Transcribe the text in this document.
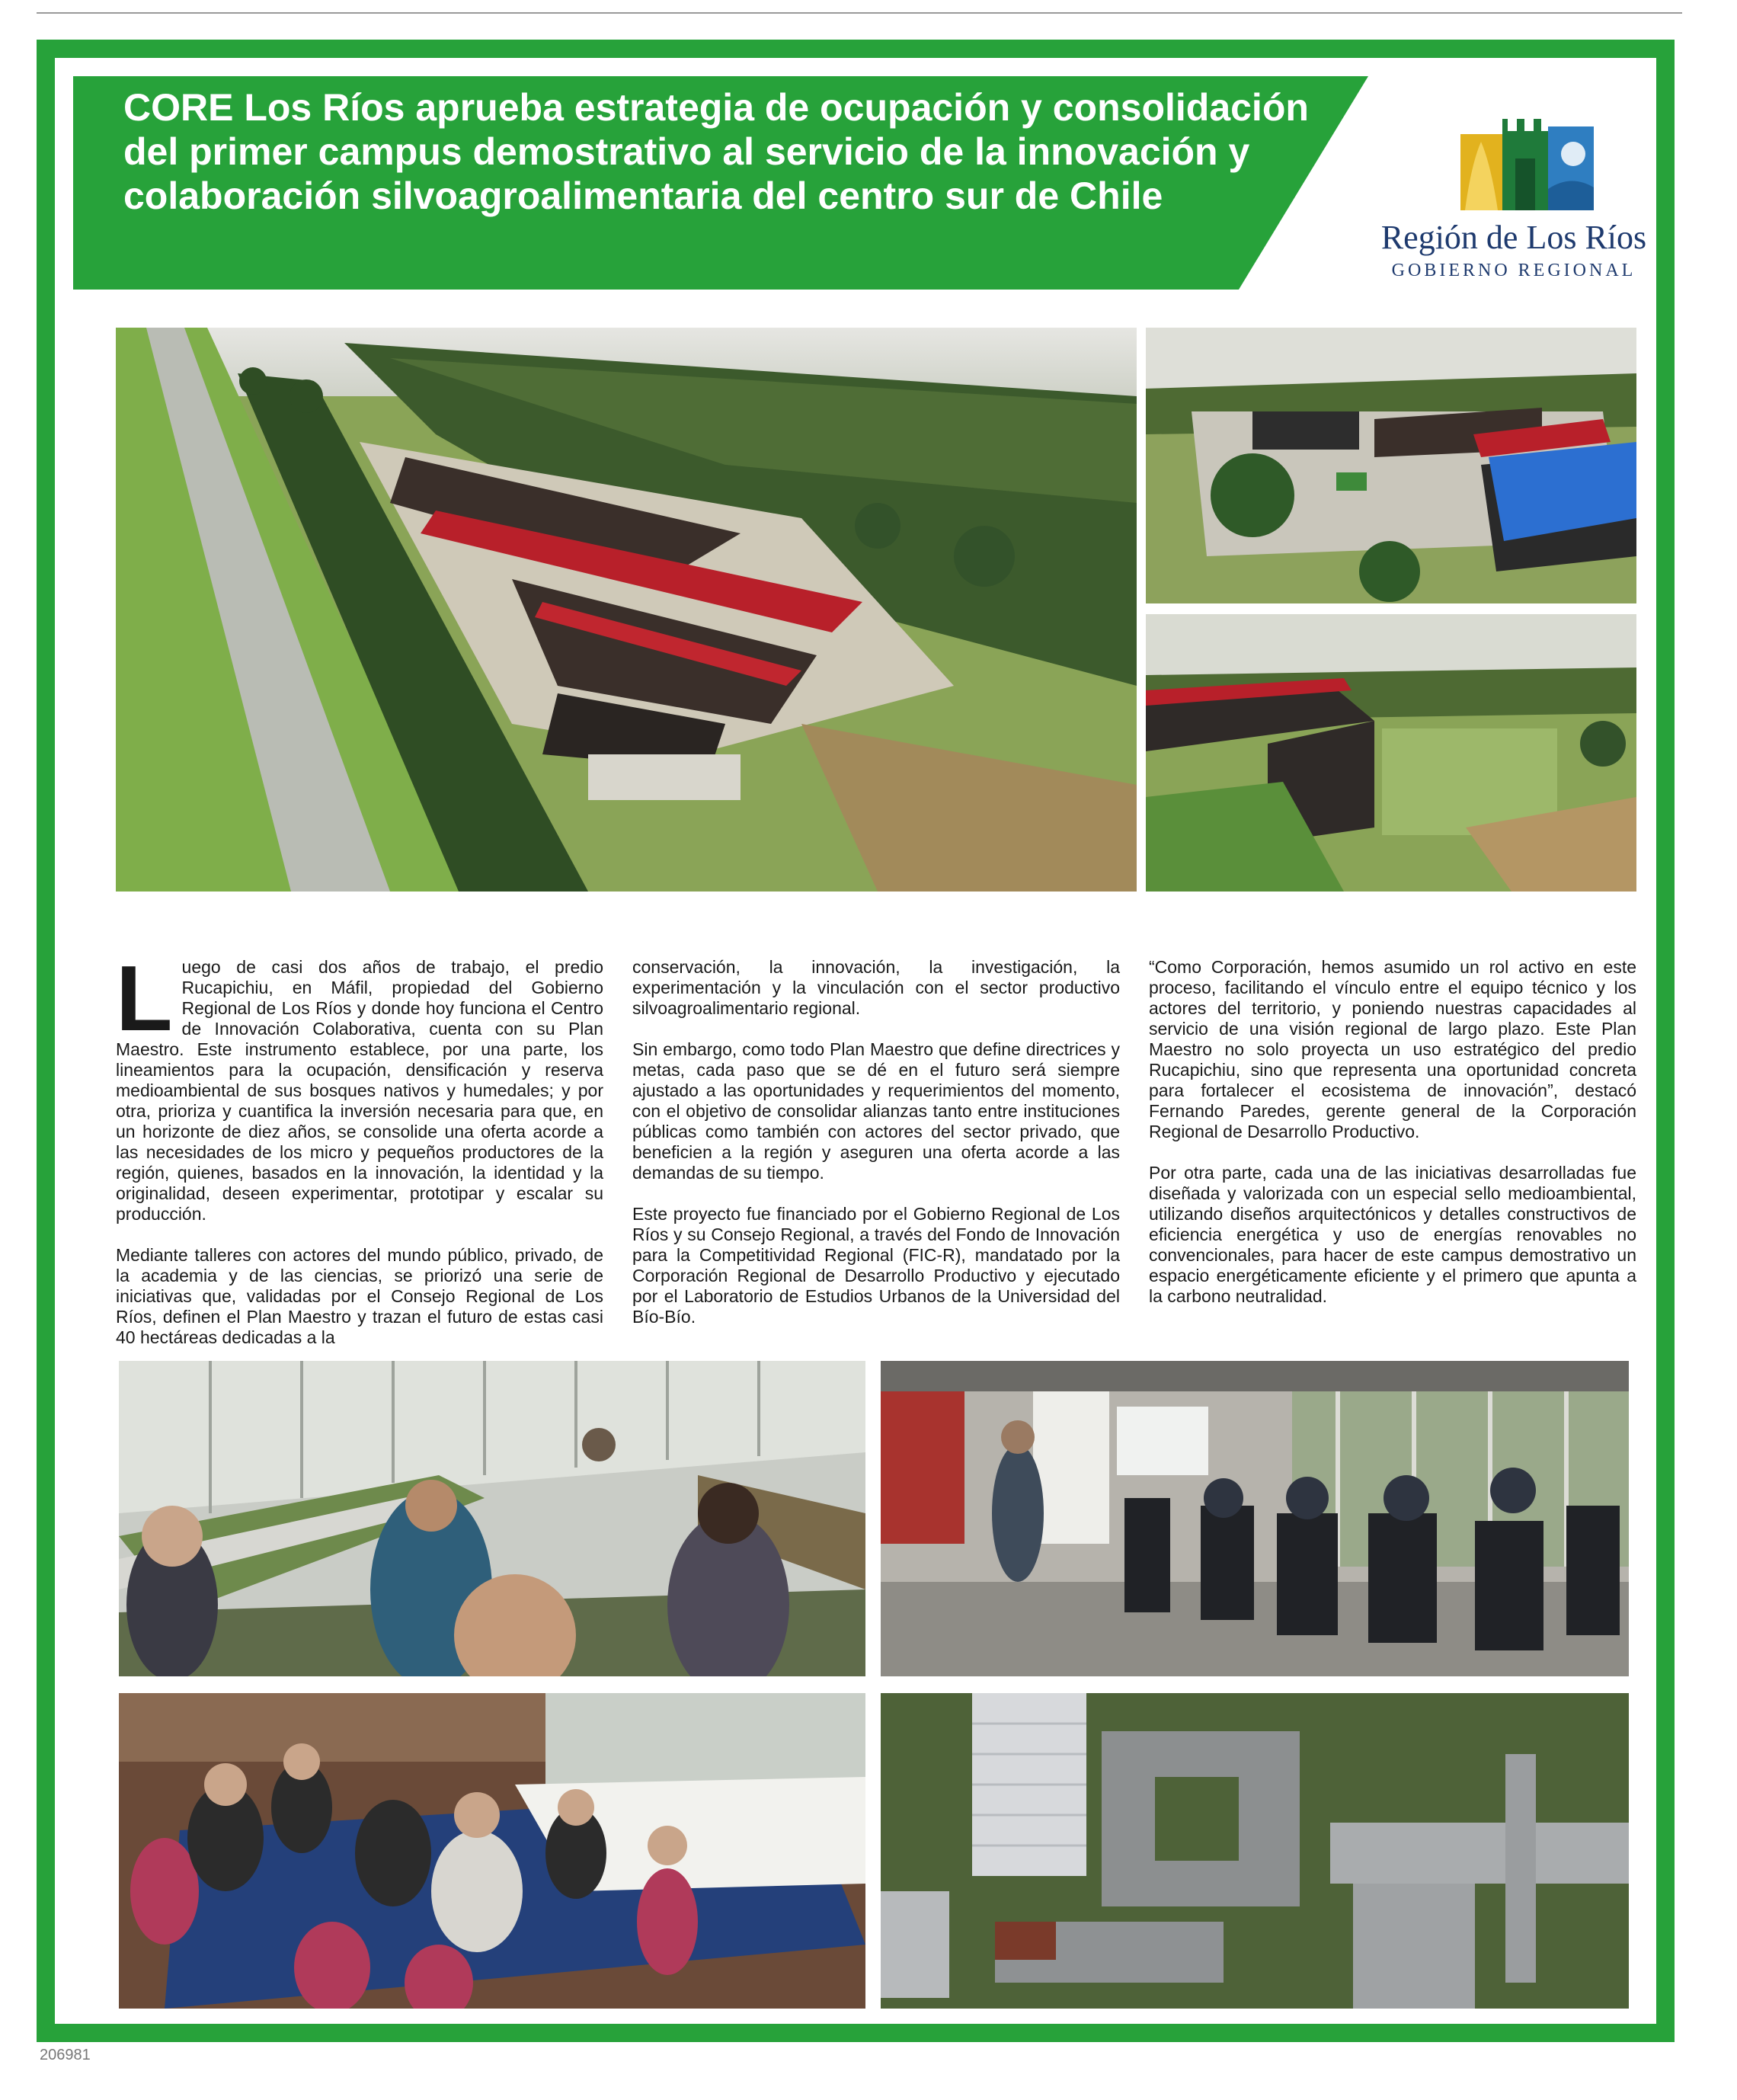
CORE Los Ríos aprueba estrategia de ocupación y consolidación del primer campus demostrativo al servicio de la innovación y colaboración silvoagroalimentaria del centro sur de Chile
Región de Los Ríos
GOBIERNO REGIONAL
L uego de casi dos años de trabajo, el predio Rucapichiu, en Máfil, propiedad del Gobierno Regional de Los Ríos y donde hoy funciona el Centro de Innovación Colaborativa, cuenta con su Plan Maestro. Este instrumento establece, por una parte, los lineamientos para la ocupación, densificación y reserva medioambiental de sus bosques nativos y humedales; y por otra, prioriza y cuantifica la inversión necesaria para que, en un horizonte de diez años, se consolide una oferta acorde a las necesidades de los micro y pequeños productores de la región, quienes, basados en la innovación, la identidad y la originalidad, deseen experimentar, prototipar y escalar su producción.

Mediante talleres con actores del mundo público, privado, de la academia y de las ciencias, se priorizó una serie de iniciativas que, validadas por el Consejo Regional de Los Ríos, definen el Plan Maestro y trazan el futuro de estas casi 40 hectáreas dedicadas a la

conservación, la innovación, la investigación, la experimentación y la vinculación con el sector productivo silvoagroalimentario regional.

Sin embargo, como todo Plan Maestro que define directrices y metas, cada paso que se dé en el futuro será siempre ajustado a las oportunidades y requerimientos del momento, con el objetivo de consolidar alianzas tanto entre instituciones públicas como también con actores del sector privado, que beneficien a la región y aseguren una oferta acorde a las demandas de su tiempo.

Este proyecto fue financiado por el Gobierno Regional de Los Ríos y su Consejo Regional, a través del Fondo de Innovación para la Competitividad Regional (FIC-R), mandatado por la Corporación Regional de Desarrollo Productivo y ejecutado por el Laboratorio de Estudios Urbanos de la Universidad del Bío-Bío.

“Como Corporación, hemos asumido un rol activo en este proceso, facilitando el vínculo entre el equipo técnico y los actores del territorio, y poniendo nuestras capacidades al servicio de una visión regional de largo plazo. Este Plan Maestro no solo proyecta un uso estratégico del predio Rucapichiu, sino que representa una oportunidad concreta para fortalecer el ecosistema de innovación”, destacó Fernando Paredes, gerente general de la Corporación Regional de Desarrollo Productivo.

Por otra parte, cada una de las iniciativas desarrolladas fue diseñada y valorizada con un especial sello medioambiental, utilizando diseños arquitectónicos y detalles constructivos de eficiencia energética y uso de energías renovables no convencionales, para hacer de este campus demostrativo un espacio energéticamente eficiente y el primero que apunta a la carbono neutralidad.

206981
